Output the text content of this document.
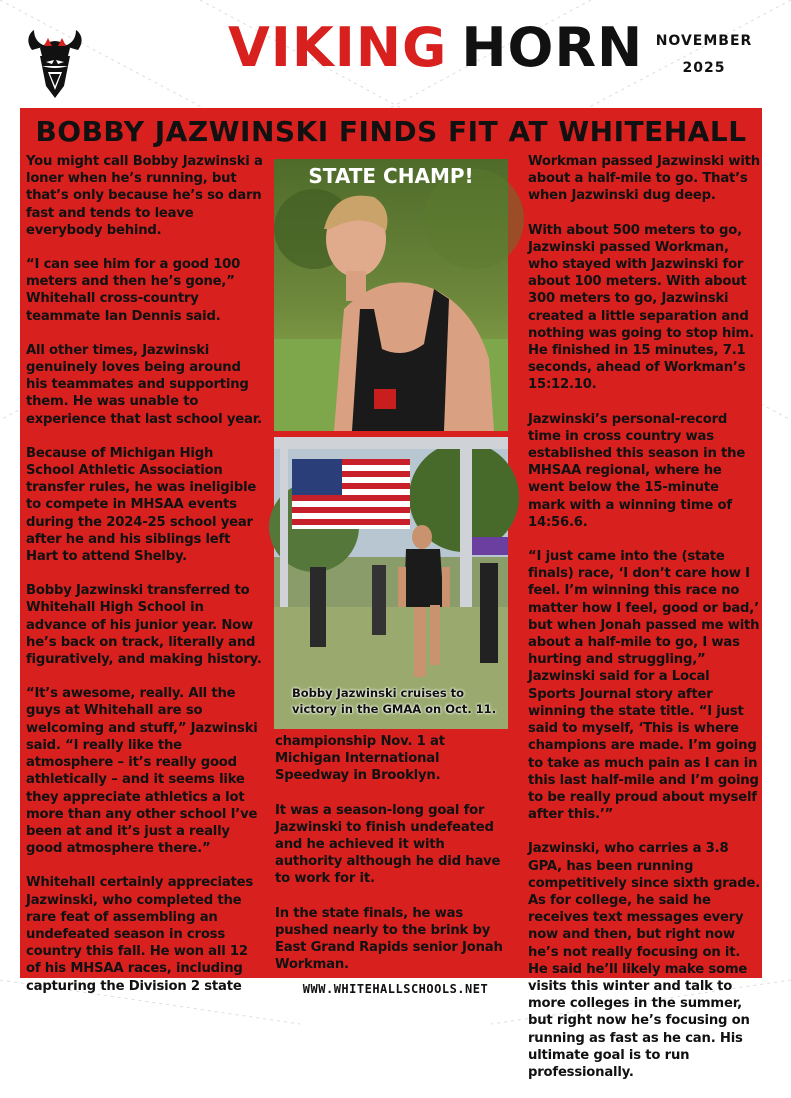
VIKING HORN NOVEMBER
2025
BOBBY JAZWINSKI FINDS FIT AT WHITEHALL

You might call Bobby Jazwinski a loner when he’s running, but that’s only because he’s so darn fast and tends to leave everybody behind.

“I can see him for a good 100 meters and then he’s gone,” Whitehall cross-country teammate Ian Dennis said.

All other times, Jazwinski genuinely loves being around his teammates and supporting them. He was unable to experience that last school year.

Because of Michigan High School Athletic Association transfer rules, he was ineligible to compete in MHSAA events during the 2024-25 school year after he and his siblings left Hart to attend Shelby.

Bobby Jazwinski transferred to Whitehall High School in advance of his junior year. Now he’s back on track, literally and figuratively, and making history.

“It’s awesome, really. All the guys at Whitehall are so welcoming and stuff,” Jazwinski said. “I really like the atmosphere – it’s really good athletically – and it seems like they appreciate athletics a lot more than any other school I’ve been at and it’s just a really good atmosphere there.”

Whitehall certainly appreciates Jazwinski, who completed the rare feat of assembling an undefeated season in cross country this fall. He won all 12 of his MHSAA races, including capturing the Division 2 state

STATE CHAMP!
Bobby Jazwinski cruises to victory in the GMAA on Oct. 11.

championship Nov. 1 at Michigan International Speedway in Brooklyn.

It was a season-long goal for Jazwinski to finish undefeated and he achieved it with authority although he did have to work for it.

In the state finals, he was pushed nearly to the brink by East Grand Rapids senior Jonah Workman.

Workman passed Jazwinski with about a half-mile to go. That’s when Jazwinski dug deep.

With about 500 meters to go, Jazwinski passed Workman, who stayed with Jazwinski for about 100 meters. With about 300 meters to go, Jazwinski created a little separation and nothing was going to stop him. He finished in 15 minutes, 7.1 seconds, ahead of Workman’s 15:12.10.

Jazwinski’s personal-record time in cross country was established this season in the MHSAA regional, where he went below the 15-minute mark with a winning time of 14:56.6.

“I just came into the (state finals) race, ‘I don’t care how I feel. I’m winning this race no matter how I feel, good or bad,’ but when Jonah passed me with about a half-mile to go, I was hurting and struggling,” Jazwinski said for a Local Sports Journal story after winning the state title. “I just said to myself, ‘This is where champions are made. I’m going to take as much pain as I can in this last half-mile and I’m going to be really proud about myself after this.’”

Jazwinski, who carries a 3.8 GPA, has been running competitively since sixth grade. As for college, he said he receives text messages every now and then, but right now he’s not really focusing on it. He said he’ll likely make some visits this winter and talk to more colleges in the summer, but right now he’s focusing on running as fast as he can. His ultimate goal is to run professionally.

WWW.WHITEHALLSCHOOLS.NET
